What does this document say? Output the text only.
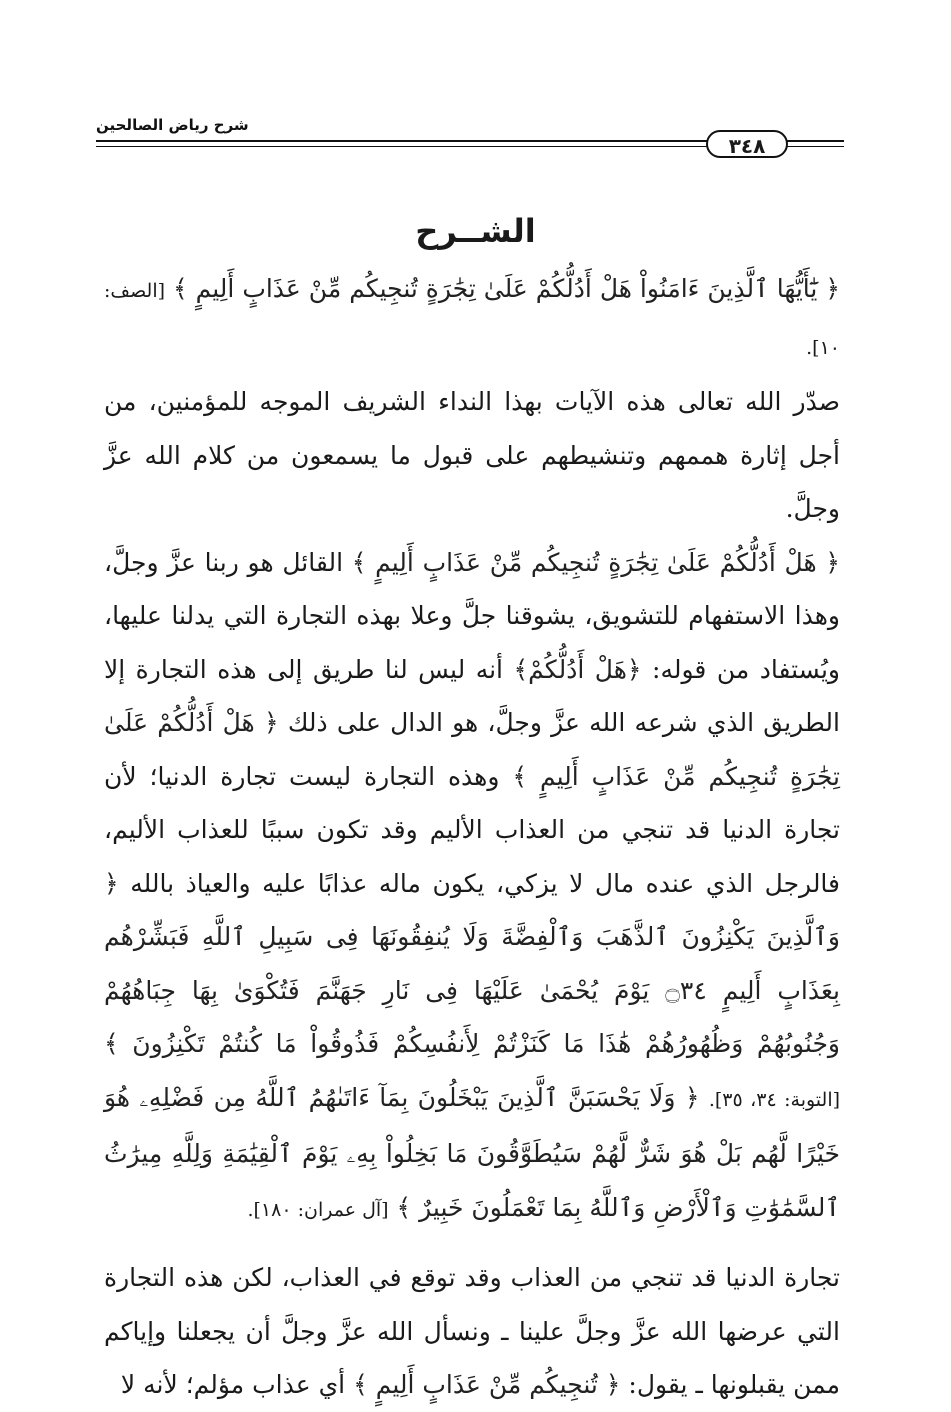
شرح رياض الصالحين
٣٤٨
الشــرح

﴿ يَٰٓأَيُّهَا ٱلَّذِينَ ءَامَنُواْ هَلْ أَدُلُّكُمْ عَلَىٰ تِجَٰرَةٍ تُنجِيكُم مِّنْ عَذَابٍ أَلِيمٍ ﴾ [الصف: ١٠].

صدّر الله تعالى هذه الآيات بهذا النداء الشريف الموجه للمؤمنين، من أجل إثارة هممهم وتنشيطهم على قبول ما يسمعون من كلام الله عزَّ وجلَّ.

﴿ هَلْ أَدُلُّكُمْ عَلَىٰ تِجَٰرَةٍ تُنجِيكُم مِّنْ عَذَابٍ أَلِيمٍ ﴾ القائل هو ربنا عزَّ وجلَّ، وهذا الاستفهام للتشويق، يشوقنا جلَّ وعلا بهذه التجارة التي يدلنا عليها، ويُستفاد من قوله: ﴿هَلْ أَدُلُّكُمْ﴾ أنه ليس لنا طريق إلى هذه التجارة إلا الطريق الذي شرعه الله عزَّ وجلَّ، هو الدال على ذلك ﴿ هَلْ أَدُلُّكُمْ عَلَىٰ تِجَٰرَةٍ تُنجِيكُم مِّنْ عَذَابٍ أَلِيمٍ ﴾ وهذه التجارة ليست تجارة الدنيا؛ لأن تجارة الدنيا قد تنجي من العذاب الأليم وقد تكون سببًا للعذاب الأليم، فالرجل الذي عنده مال لا يزكي، يكون ماله عذابًا عليه والعياذ بالله ﴿ وَٱلَّذِينَ يَكْنِزُونَ ٱلذَّهَبَ وَٱلْفِضَّةَ وَلَا يُنفِقُونَهَا فِى سَبِيلِ ٱللَّهِ فَبَشِّرْهُم بِعَذَابٍ أَلِيمٍ ۝٣٤ يَوْمَ يُحْمَىٰ عَلَيْهَا فِى نَارِ جَهَنَّمَ فَتُكْوَىٰ بِهَا جِبَاهُهُمْ وَجُنُوبُهُمْ وَظُهُورُهُمْ هَٰذَا مَا كَنَزْتُمْ لِأَنفُسِكُمْ فَذُوقُواْ مَا كُنتُمْ تَكْنِزُونَ ﴾ [التوبة: ٣٤، ٣٥]. ﴿ وَلَا يَحْسَبَنَّ ٱلَّذِينَ يَبْخَلُونَ بِمَآ ءَاتَىٰهُمُ ٱللَّهُ مِن فَضْلِهِۦ هُوَ خَيْرًا لَّهُم بَلْ هُوَ شَرٌّ لَّهُمْ سَيُطَوَّقُونَ مَا بَخِلُواْ بِهِۦ يَوْمَ ٱلْقِيَٰمَةِ وَلِلَّهِ مِيرَٰثُ ٱلسَّمَٰوَٰتِ وَٱلْأَرْضِ وَٱللَّهُ بِمَا تَعْمَلُونَ خَبِيرٌ ﴾ [آل عمران: ١٨٠].

تجارة الدنيا قد تنجي من العذاب وقد توقع في العذاب، لكن هذه التجارة التي عرضها الله عزَّ وجلَّ علينا ـ ونسأل الله عزَّ وجلَّ أن يجعلنا وإياكم ممن يقبلونها ـ يقول: ﴿ تُنجِيكُم مِّنْ عَذَابٍ أَلِيمٍ ﴾ أي عذاب مؤلم؛ لأنه لا
